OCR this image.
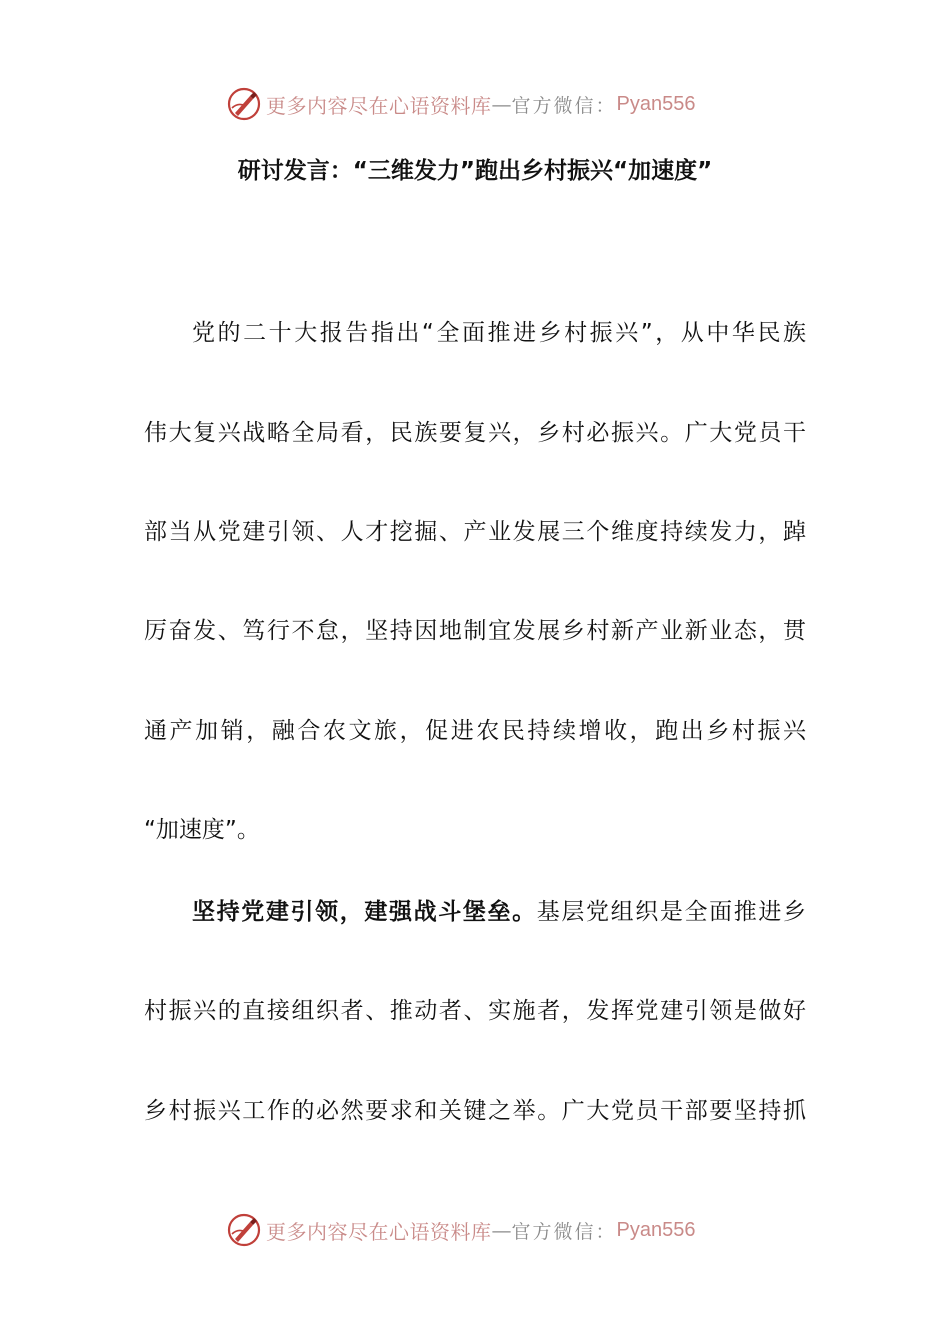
更多内容尽在心语资料库 — 官方微信： Pyan556
研讨发言：“三维发力”跑出乡村振兴“加速度”
党的二十大报告指出“全面推进乡村振兴”，从中华民族
伟大复兴战略全局看，民族要复兴，乡村必振兴。广大党员干
部当从党建引领、人才挖掘、产业发展三个维度持续发力，踔
厉奋发、笃行不怠，坚持因地制宜发展乡村新产业新业态，贯
通产加销，融合农文旅，促进农民持续增收，跑出乡村振兴
“加速度”。
坚持党建引领，建强战斗堡垒。基层党组织是全面推进乡
村振兴的直接组织者、推动者、实施者，发挥党建引领是做好
乡村振兴工作的必然要求和关键之举。广大党员干部要坚持抓
更多内容尽在心语资料库 — 官方微信： Pyan556
